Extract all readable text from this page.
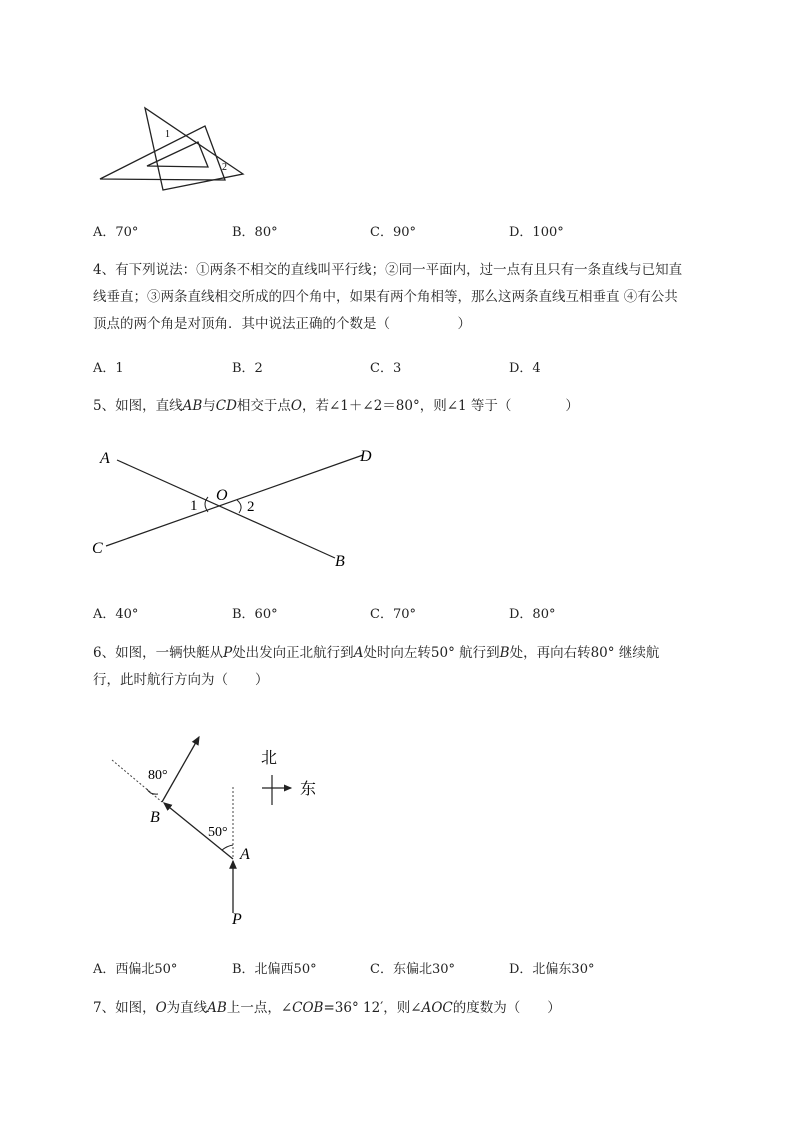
1
2
A．70°	B．80°	C．90°	D．100°
4、有下列说法：①两条不相交的直线叫平行线；②同一平面内，过一点有且只有一条直线与已知直
线垂直；③两条直线相交所成的四个角中，如果有两个角相等，那么这两条直线互相垂直 ④有公共
顶点的两个角是对顶角．其中说法正确的个数是（　　　　　）
A．1	B．2	C．3	D．4
5、如图，直线AB与CD相交于点O，若∠1＋∠2＝80°，则∠1 等于（　　　　）
A	D
O
1	2
C
B
A．40°	B．60°	C．70°	D．80°
6、如图，一辆快艇从P处出发向正北航行到A处时向左转50° 航行到B处，再向右转80° 继续航
行，此时航行方向为（　　）
北
东
80°
50°
B
A
P
A．西偏北50°	B．北偏西50°	C．东偏北30°	D．北偏东30°
7、如图，O为直线AB上一点，∠COB=36° 12′，则∠AOC的度数为（　　）
